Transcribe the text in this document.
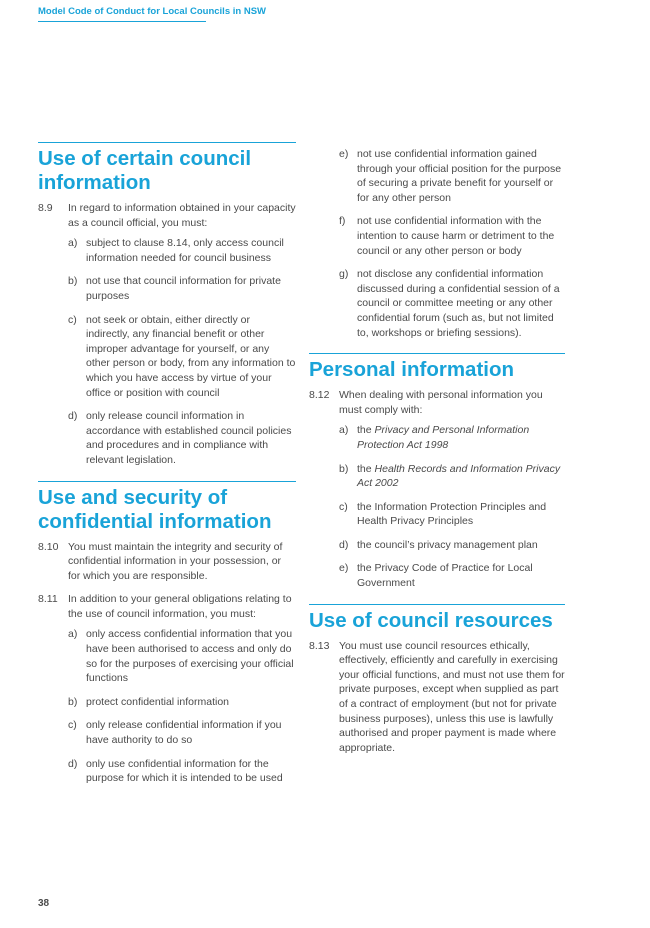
Model Code of Conduct for Local Councils in NSW
Use of certain council information
8.9 In regard to information obtained in your capacity as a council official, you must:
a) subject to clause 8.14, only access council information needed for council business
b) not use that council information for private purposes
c) not seek or obtain, either directly or indirectly, any financial benefit or other improper advantage for yourself, or any other person or body, from any information to which you have access by virtue of your office or position with council
d) only release council information in accordance with established council policies and procedures and in compliance with relevant legislation.
Use and security of confidential information
8.10 You must maintain the integrity and security of confidential information in your possession, or for which you are responsible.
8.11 In addition to your general obligations relating to the use of council information, you must:
a) only access confidential information that you have been authorised to access and only do so for the purposes of exercising your official functions
b) protect confidential information
c) only release confidential information if you have authority to do so
d) only use confidential information for the purpose for which it is intended to be used
e) not use confidential information gained through your official position for the purpose of securing a private benefit for yourself or for any other person
f) not use confidential information with the intention to cause harm or detriment to the council or any other person or body
g) not disclose any confidential information discussed during a confidential session of a council or committee meeting or any other confidential forum (such as, but not limited to, workshops or briefing sessions).
Personal information
8.12 When dealing with personal information you must comply with:
a) the Privacy and Personal Information Protection Act 1998
b) the Health Records and Information Privacy Act 2002
c) the Information Protection Principles and Health Privacy Principles
d) the council’s privacy management plan
e) the Privacy Code of Practice for Local Government
Use of council resources
8.13 You must use council resources ethically, effectively, efficiently and carefully in exercising your official functions, and must not use them for private purposes, except when supplied as part of a contract of employment (but not for private business purposes), unless this use is lawfully authorised and proper payment is made where appropriate.
38
